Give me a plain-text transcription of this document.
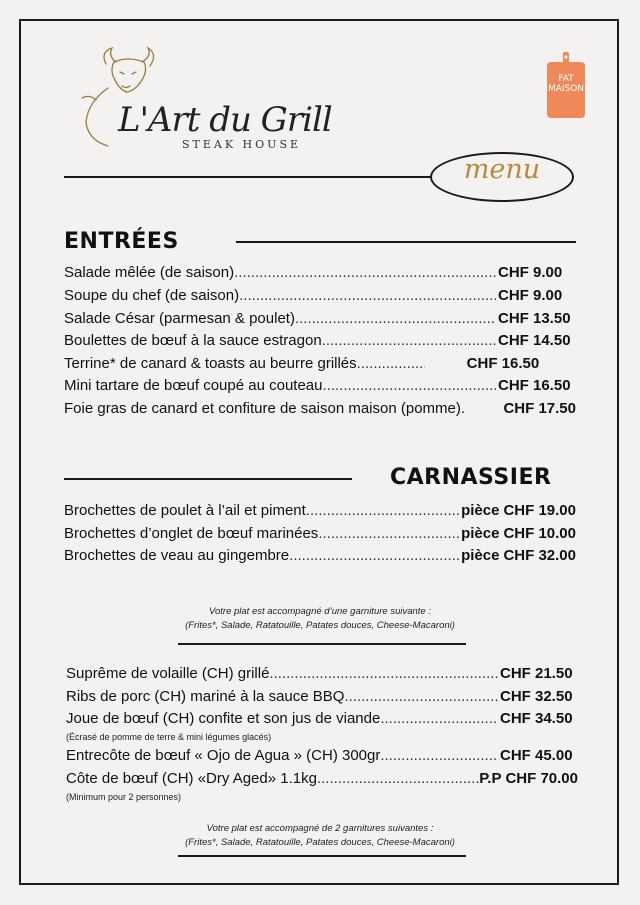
L'Art du Grill
STEAK HOUSE
FAT MAISON
menu
ENTRÉES
Salade mêlée (de saison) .....	CHF 9.00
Soupe du chef (de saison) .....	CHF 9.00
Salade César (parmesan & poulet) .....	CHF 13.50
Boulettes de bœuf à la sauce estragon .....	CHF 14.50
Terrine* de canard & toasts au beurre grillés .....	CHF 16.50
Mini tartare de bœuf coupé au couteau .....	CHF 16.50
Foie gras de canard et confiture de saison maison (pomme).	CHF 17.50
CARNASSIER
Brochettes de poulet à l’ail et piment .....	pièce CHF 19.00
Brochettes d’onglet de bœuf marinées .....	pièce CHF 10.00
Brochettes de veau au gingembre .....	pièce CHF 32.00
Votre plat est accompagné d’une garniture suivante :
(Frites*, Salade, Ratatouille, Patates douces, Cheese-Macaroni)
Suprême de volaille (CH) grillé .....	CHF 21.50
Ribs de porc (CH) mariné à la sauce BBQ .....	CHF 32.50
Joue de bœuf (CH) confite et son jus de viande .....	CHF 34.50
(Écrasé de pomme de terre & mini légumes glacés)
Entrecôte de bœuf « Ojo de Agua » (CH) 300gr .....	CHF 45.00
Côte de bœuf (CH) «Dry Aged» 1.1kg .....	P.P CHF 70.00
(Minimum pour 2 personnes)
Votre plat est accompagné de 2 garnitures suivantes :
(Frites*, Salade, Ratatouille, Patates douces, Cheese-Macaroni)
